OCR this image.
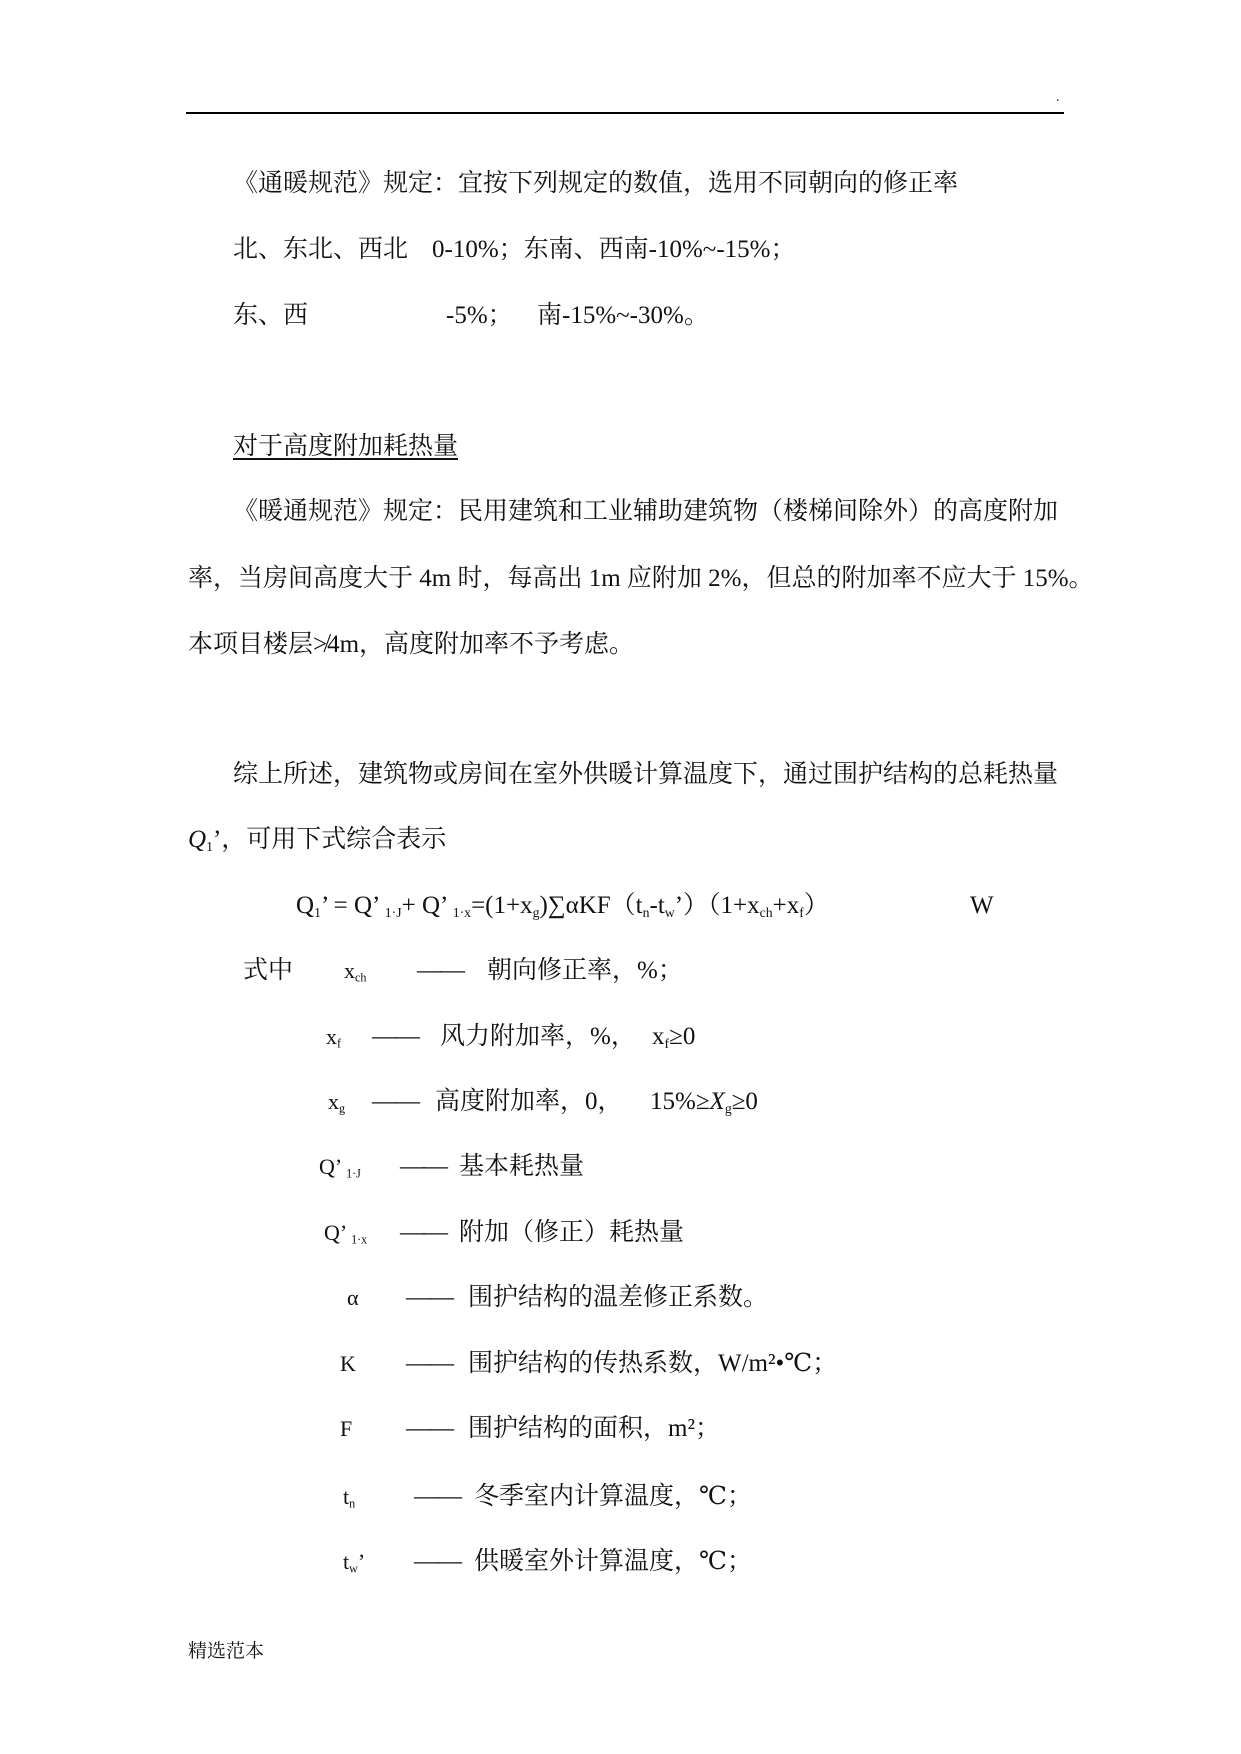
.
《通暖规范》规定：宜按下列规定的数值，选用不同朝向的修正率
北、东北、西北 0-10%；东南、西南-10%~-15%；
东、西	-5%； 南-15%~-30%。
对于高度附加耗热量
《暖通规范》规定：民用建筑和工业辅助建筑物（楼梯间除外）的高度附加
率，当房间高度大于 4m 时，每高出 1m 应附加 2%，但总的附加率不应大于 15%。
本项目楼层≯4m，高度附加率不予考虑。
综上所述，建筑物或房间在室外供暖计算温度下，通过围护结构的总耗热量
$Q_1$’，可用下式综合表示
$Q_1$’ = Q’ $_{1\cdot J}$+ Q’ $_{1\cdot x}=(1+x_g)\sum\alpha KF(t_n-t_w’)(1+x_{ch}+x_f)$	W
式中 $x_{ch}$ —— 朝向修正率，%；
$x_f$ —— 风力附加率，%， $x_f\ge 0$
$x_g$ —— 高度附加率，0， $15\%\ge X_g\ge 0$
Q’ $_{1\cdot J}$ —— 基本耗热量
Q’ $_{1\cdot x}$ —— 附加（修正）耗热量
α —— 围护结构的温差修正系数。
K —— 围护结构的传热系数，W/m²•℃；
F —— 围护结构的面积，m²；
$t_n$ —— 冬季室内计算温度，℃；
$t_w$’ —— 供暖室外计算温度，℃；
精选范本
